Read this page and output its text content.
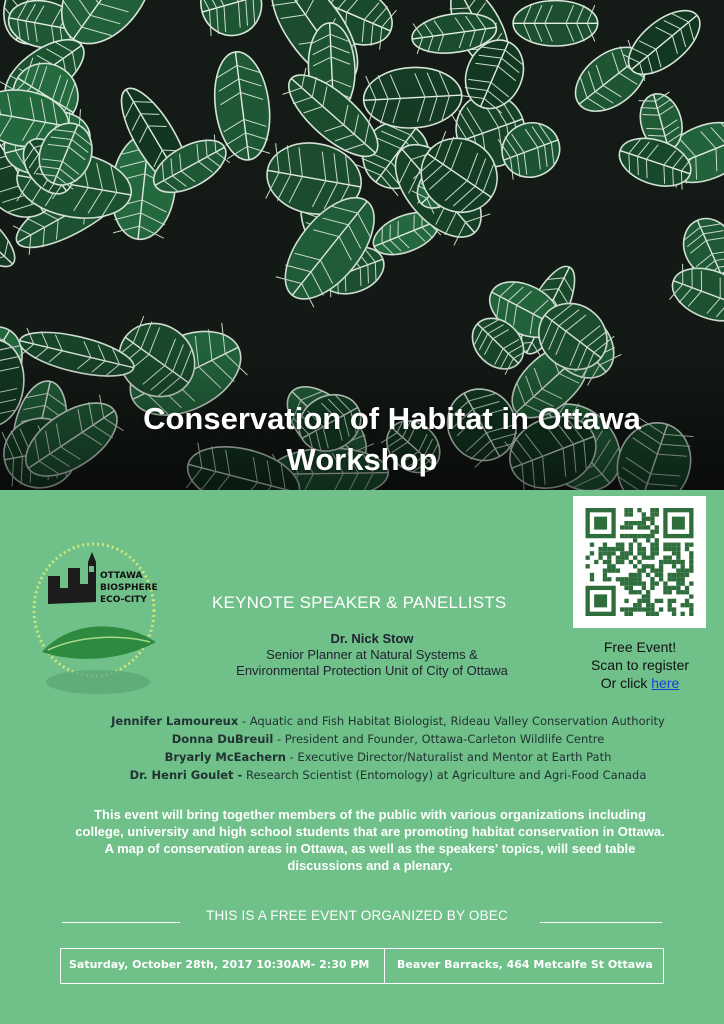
Conservation of Habitat in Ottawa
Workshop
OTTAWA
BIOSPHERE
ECO-CITY
Free Event!
Scan to register
Or click here
KEYNOTE SPEAKER & PANELLISTS
Dr. Nick Stow
Senior Planner at Natural Systems &
Environmental Protection Unit of City of Ottawa
Jennifer Lamoureux - Aquatic and Fish Habitat Biologist, Rideau Valley Conservation Authority
Donna DuBreuil - President and Founder, Ottawa-Carleton Wildlife Centre
Bryarly McEachern - Executive Director/Naturalist and Mentor at Earth Path
Dr. Henri Goulet - Research Scientist (Entomology) at Agriculture and Agri-Food Canada
This event will bring together members of the public with various organizations including college, university and high school students that are promoting habitat conservation in Ottawa. A map of conservation areas in Ottawa, as well as the speakers' topics, will seed table discussions and a plenary.
THIS IS A FREE EVENT ORGANIZED BY OBEC
Saturday, October 28th, 2017 10:30AM- 2:30 PM	Beaver Barracks, 464 Metcalfe St Ottawa
